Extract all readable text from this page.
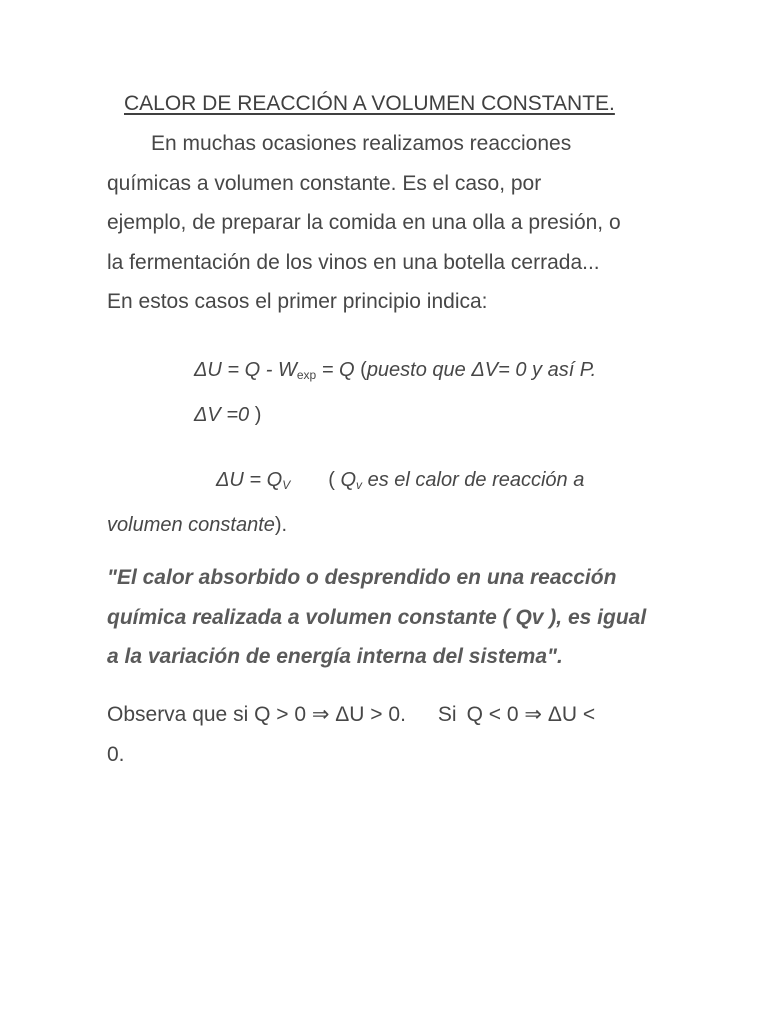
CALOR DE REACCIÓN A VOLUMEN CONSTANTE.
En muchas ocasiones realizamos reacciones
químicas a volumen constante. Es el caso, por
ejemplo, de preparar la comida en una olla a presión, o
la fermentación de los vinos en una botella cerrada...
En estos casos el primer principio indica:
$\Delta U = Q - W_{exp} = Q$ (puesto que ΔV= 0 y así P.
ΔV =0 )
$\Delta U = Q_V$ ( $Q_v$ es el calor de reacción a
volumen constante).
"El calor absorbido o desprendido en una reacción
química realizada a volumen constante ( Qv ), es igual
a la variación de energía interna del sistema".
Observa que si Q > 0 ⇒ ΔU > 0. Si Q < 0 ⇒ ΔU <
0.
